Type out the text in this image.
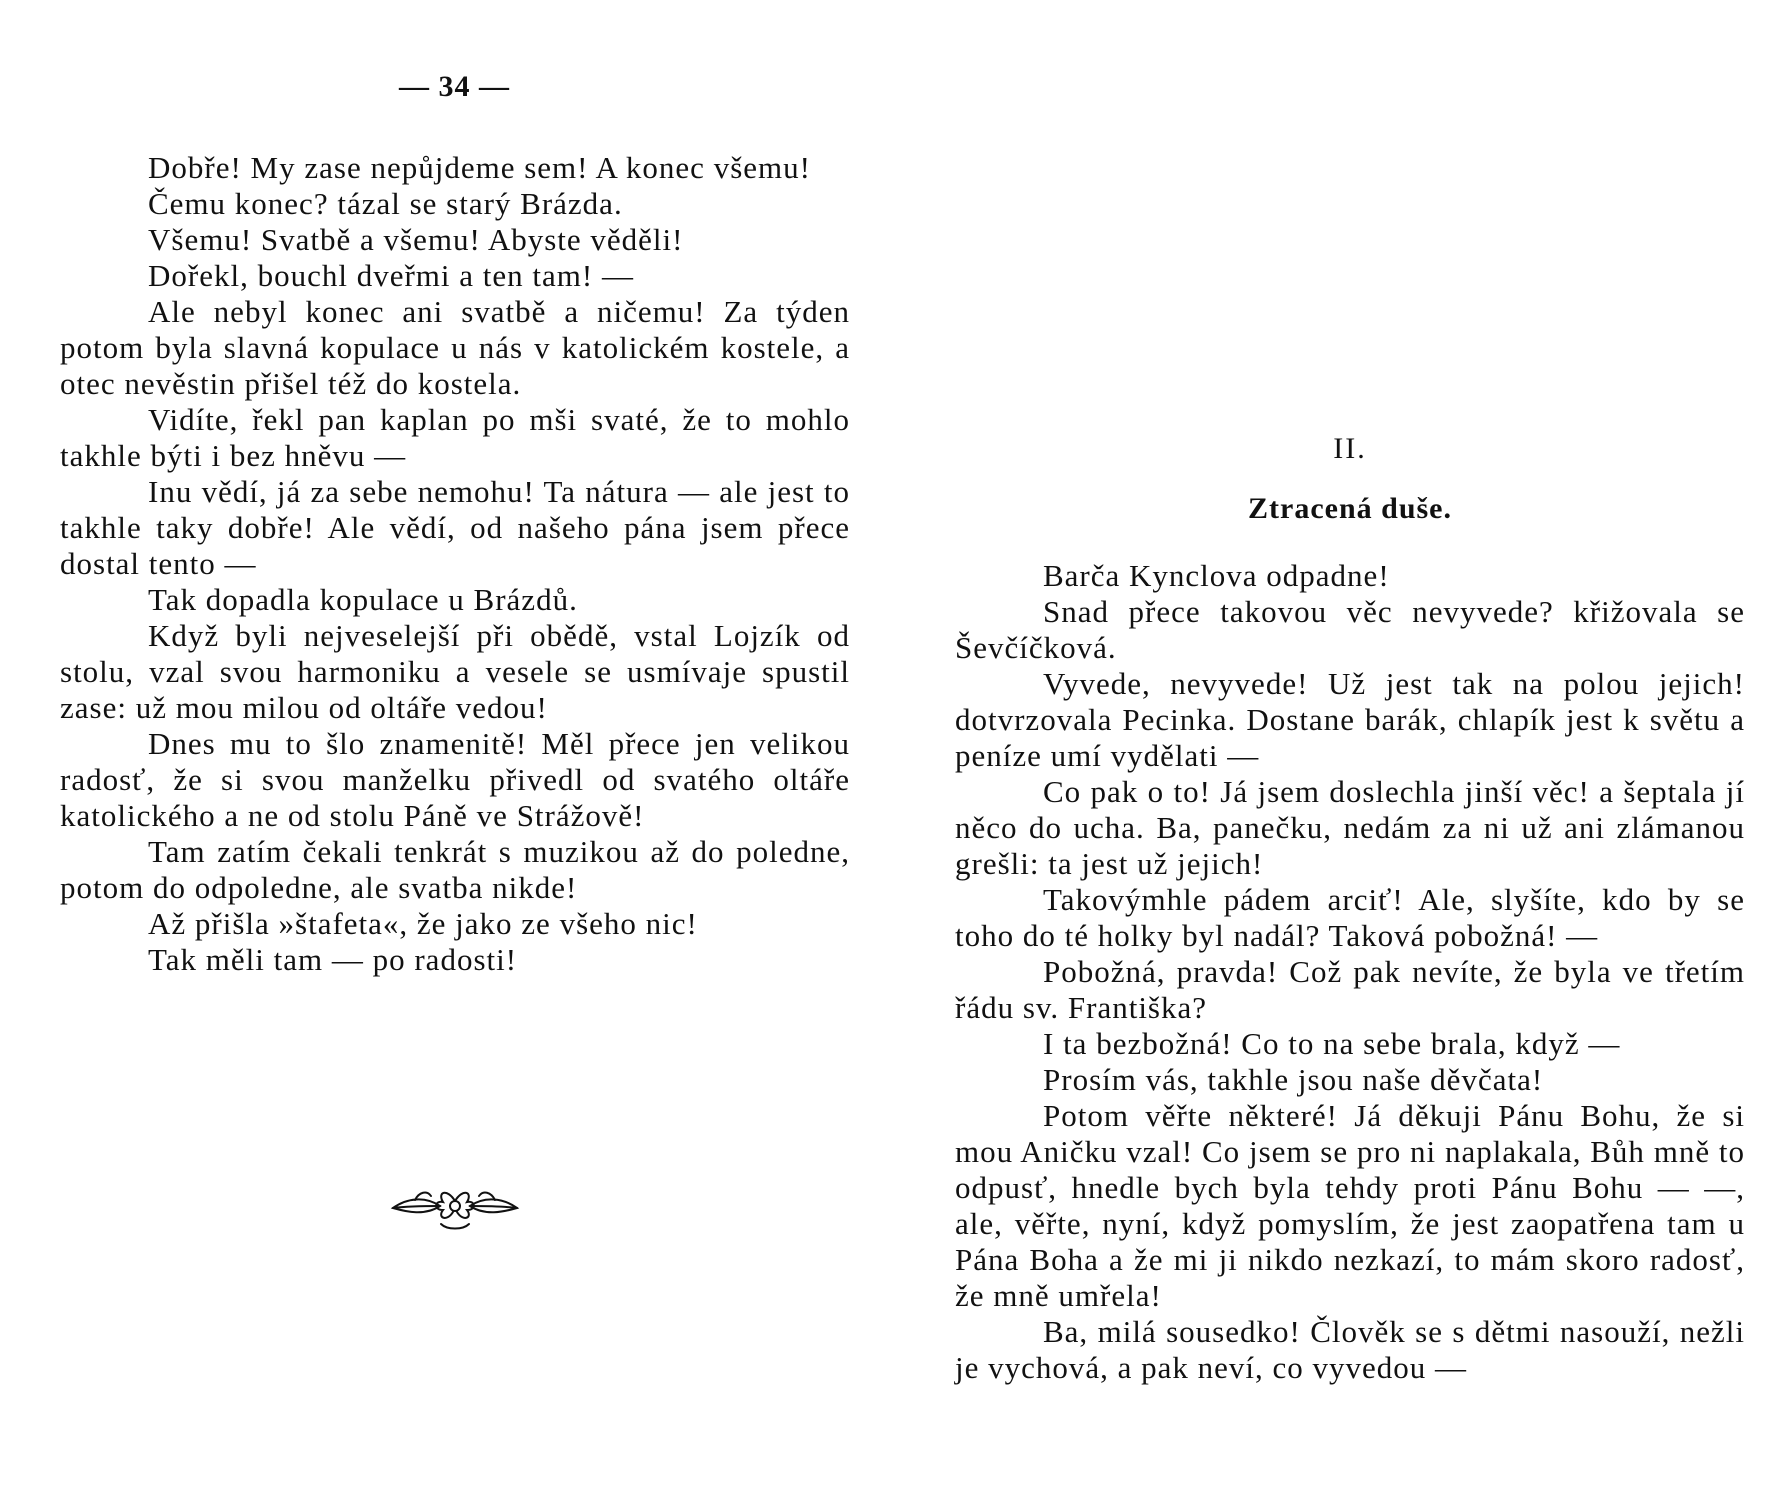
— 34 —

Dobře! My zase nepůjdeme sem! A konec všemu!

Čemu konec? tázal se starý Brázda.

Všemu! Svatbě a všemu! Abyste věděli!

Dořekl, bouchl dveřmi a ten tam! —

Ale nebyl konec ani svatbě a ničemu! Za týden potom byla slavná kopulace u nás v katolickém kostele, a otec nevěstin přišel též do kostela.

Vidíte, řekl pan kaplan po mši svaté, že to mohlo takhle býti i bez hněvu —

Inu vědí, já za sebe nemohu! Ta nátura — ale jest to takhle taky dobře! Ale vědí, od našeho pána jsem přece dostal tento —

Tak dopadla kopulace u Brázdů.

Když byli nejveselejší při obědě, vstal Lojzík od stolu, vzal svou harmoniku a vesele se usmívaje spustil zase: už mou milou od oltáře vedou!

Dnes mu to šlo znamenitě! Měl přece jen velikou radosť, že si svou manželku přivedl od svatého oltáře katolického a ne od stolu Páně ve Strážově!

Tam zatím čekali tenkrát s muzikou až do poledne, potom do odpoledne, ale svatba nikde!

Až přišla »štafeta«, že jako ze všeho nic!

Tak měli tam — po radosti!

II.
Ztracená duše.

Barča Kynclova odpadne!

Snad přece takovou věc nevyvede? křižovala se Ševčíčková.

Vyvede, nevyvede! Už jest tak na polou jejich! dotvrzovala Pecinka. Dostane barák, chlapík jest k světu a peníze umí vydělati —

Co pak o to! Já jsem doslechla jinší věc! a šeptala jí něco do ucha. Ba, panečku, nedám za ni už ani zlámanou grešli: ta jest už jejich!

Takovýmhle pádem arciť! Ale, slyšíte, kdo by se toho do té holky byl nadál? Taková pobožná! —

Pobožná, pravda! Což pak nevíte, že byla ve třetím řádu sv. Františka?

I ta bezbožná! Co to na sebe brala, když —

Prosím vás, takhle jsou naše děvčata!

Potom věřte některé! Já děkuji Pánu Bohu, že si mou Aničku vzal! Co jsem se pro ni naplakala, Bůh mně to odpusť, hnedle bych byla tehdy proti Pánu Bohu — —, ale, věřte, nyní, když pomyslím, že jest zaopatřena tam u Pána Boha a že mi ji nikdo nezkazí, to mám skoro radosť, že mně umřela!

Ba, milá sousedko! Člověk se s dětmi nasouží, nežli je vychová, a pak neví, co vyvedou —
